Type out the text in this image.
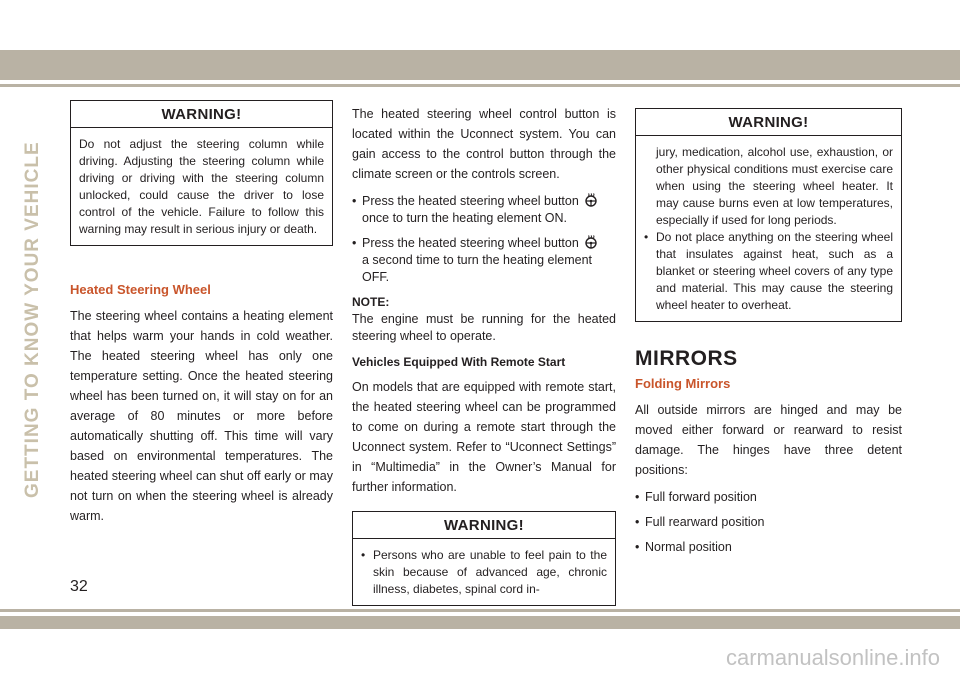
GETTING TO KNOW YOUR VEHICLE
WARNING!
Do not adjust the steering column while driving. Adjusting the steering column while driving or driving with the steering column unlocked, could cause the driver to lose control of the vehicle. Failure to follow this warning may result in serious injury or death.
Heated Steering Wheel

The steering wheel contains a heating element that helps warm your hands in cold weather. The heated steering wheel has only one temperature setting. Once the heated steering wheel has been turned on, it will stay on for an average of 80 minutes or more before automatically shutting off. This time will vary based on environmental temperatures. The heated steering wheel can shut off early or may not turn on when the steering wheel is already warm.

The heated steering wheel control button is located within the Uconnect system. You can gain access to the control button through the climate screen or the controls screen.

• Press the heated steering wheel button
once to turn the heating element ON.
• Press the heated steering wheel button
a second time to turn the heating element OFF.
NOTE:

The engine must be running for the heated steering wheel to operate.

Vehicles Equipped With Remote Start

On models that are equipped with remote start, the heated steering wheel can be programmed to come on during a remote start through the Uconnect system. Refer to “Uconnect Settings” in “Multimedia” in the Owner’s Manual for further information.

WARNING!
• Persons who are unable to feel pain to the skin because of advanced age, chronic illness, diabetes, spinal cord in-
WARNING!
jury, medication, alcohol use, exhaustion, or other physical conditions must exercise care when using the steering wheel heater. It may cause burns even at low temperatures, especially if used for long periods.
• Do not place anything on the steering wheel that insulates against heat, such as a blanket or steering wheel covers of any type and material. This may cause the steering wheel heater to overheat.
MIRRORS
Folding Mirrors

All outside mirrors are hinged and may be moved either forward or rearward to resist damage. The hinges have three detent positions:

• Full forward position
• Full rearward position
• Normal position
32
carmanualsonline.info
